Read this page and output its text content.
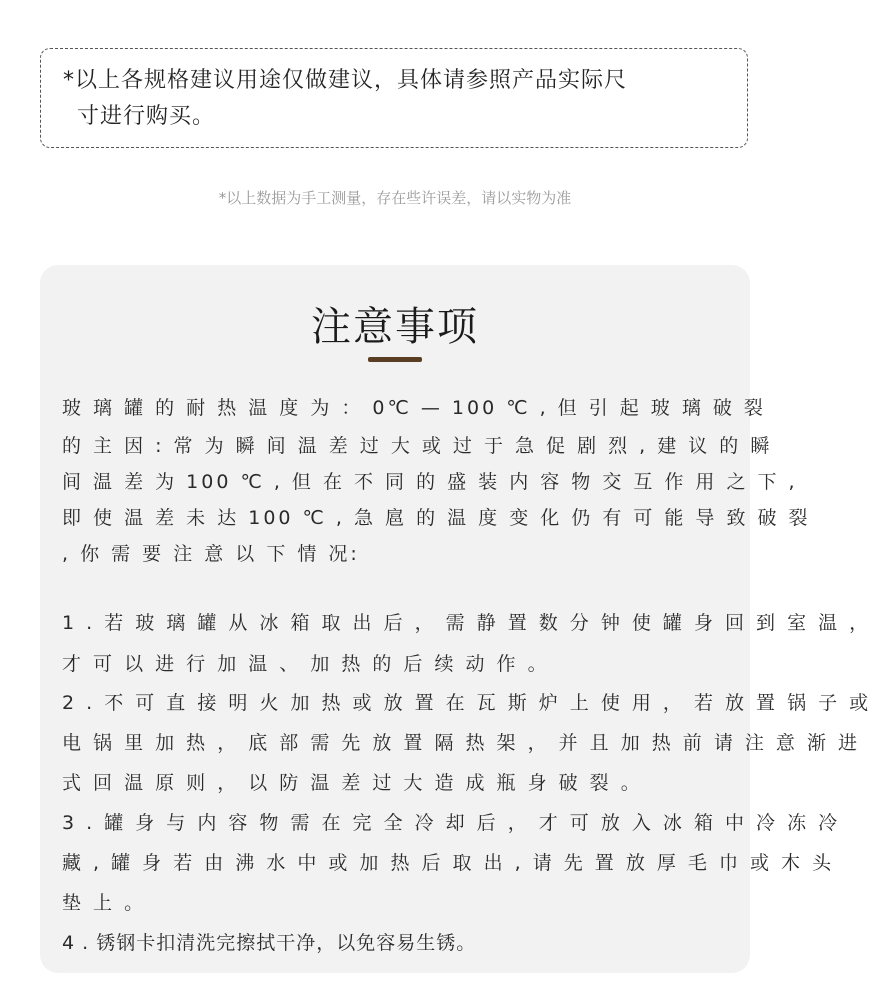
*以上各规格建议用途仅做建议，具体请参照产品实际尺
寸进行购买。
*以上数据为手工测量，存在些许误差，请以实物为准
注意事项
玻 璃 罐 的 耐 热 温 度 为 ： 0℃ — 100 ℃ , 但 引 起 玻 璃 破 裂
的 主 因 : 常 为 瞬 间 温 差 过 大 或 过 于 急 促 剧 烈 , 建 议 的 瞬
间 温 差 为 100 ℃ , 但 在 不 同 的 盛 装 内 容 物 交 互 作 用 之 下 ,
即 使 温 差 未 达 100 ℃ , 急 扈 的 温 度 变 化 仍 有 可 能 导 致 破 裂
, 你 需 要 注 意 以 下 情 况:
1 . 若 玻 璃 罐 从 冰 箱 取 出 后 ， 需 静 置 数 分 钟 使 罐 身 回 到 室 温 ，
才 可 以 进 行 加 温 、 加 热 的 后 续 动 作 。
2 . 不 可 直 接 明 火 加 热 或 放 置 在 瓦 斯 炉 上 使 用 ， 若 放 置 锅 子 或
电 锅 里 加 热 ， 底 部 需 先 放 置 隔 热 架 ， 并 且 加 热 前 请 注 意 渐 进
式 回 温 原 则 ， 以 防 温 差 过 大 造 成 瓶 身 破 裂 。
3 . 罐 身 与 内 容 物 需 在 完 全 冷 却 后 ， 才 可 放 入 冰 箱 中 冷 冻 冷
藏 , 罐 身 若 由 沸 水 中 或 加 热 后 取 出 , 请 先 置 放 厚 毛 巾 或 木 头
垫 上 。
4 . 锈钢卡扣清洗完擦拭干净，以免容易生锈。
